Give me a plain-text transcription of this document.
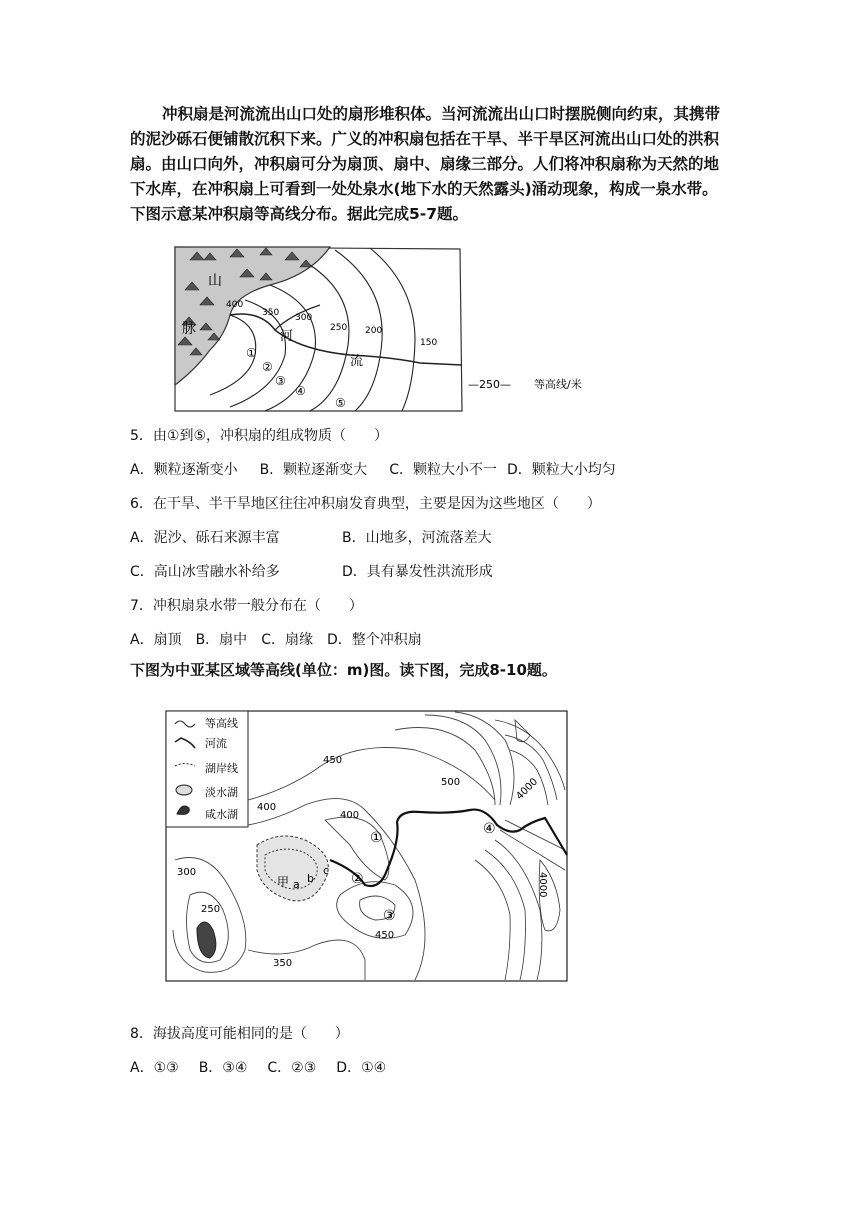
冲积扇是河流流出山口处的扇形堆积体。当河流流出山口时摆脱侧向约束，其携带的泥沙砾石便铺散沉积下来。广义的冲积扇包括在干旱、半干旱区河流出山口处的洪积扇。由山口向外，冲积扇可分为扇顶、扇中、扇缘三部分。人们将冲积扇称为天然的地下水库，在冲积扇上可看到一处处泉水(地下水的天然露头)涌动现象，构成一泉水带。下图示意某冲积扇等高线分布。据此完成5-7题。

山
脉	河
流
400
350 300
250 200
150
①
②
③
④
⑤
—250— 等高线/米
5．由①到⑤，冲积扇的组成物质（　　）
A．颗粒逐渐变小 B．颗粒逐渐变大 C．颗粒大小不一 D．颗粒大小均匀
6．在干旱、半干旱地区往往冲积扇发育典型，主要是因为这些地区（　　）
A．泥沙、砾石来源丰富	B．山地多，河流落差大
C．高山冰雪融水补给多	D．具有暴发性洪流形成
7．冲积扇泉水带一般分布在（　　）
A．扇顶 B．扇中 C．扇缘 D．整个冲积扇
下图为中亚某区域等高线(单位：m)图。读下图，完成8-10题。
等高线
河流
湖岸线
淡水湖
咸水湖
450
400
400
500	4000
300
250
350
450
4000
①
②
③
④
甲 a b
c
8．海拔高度可能相同的是（　　）
A．①③ B．③④ C．②③ D．①④
